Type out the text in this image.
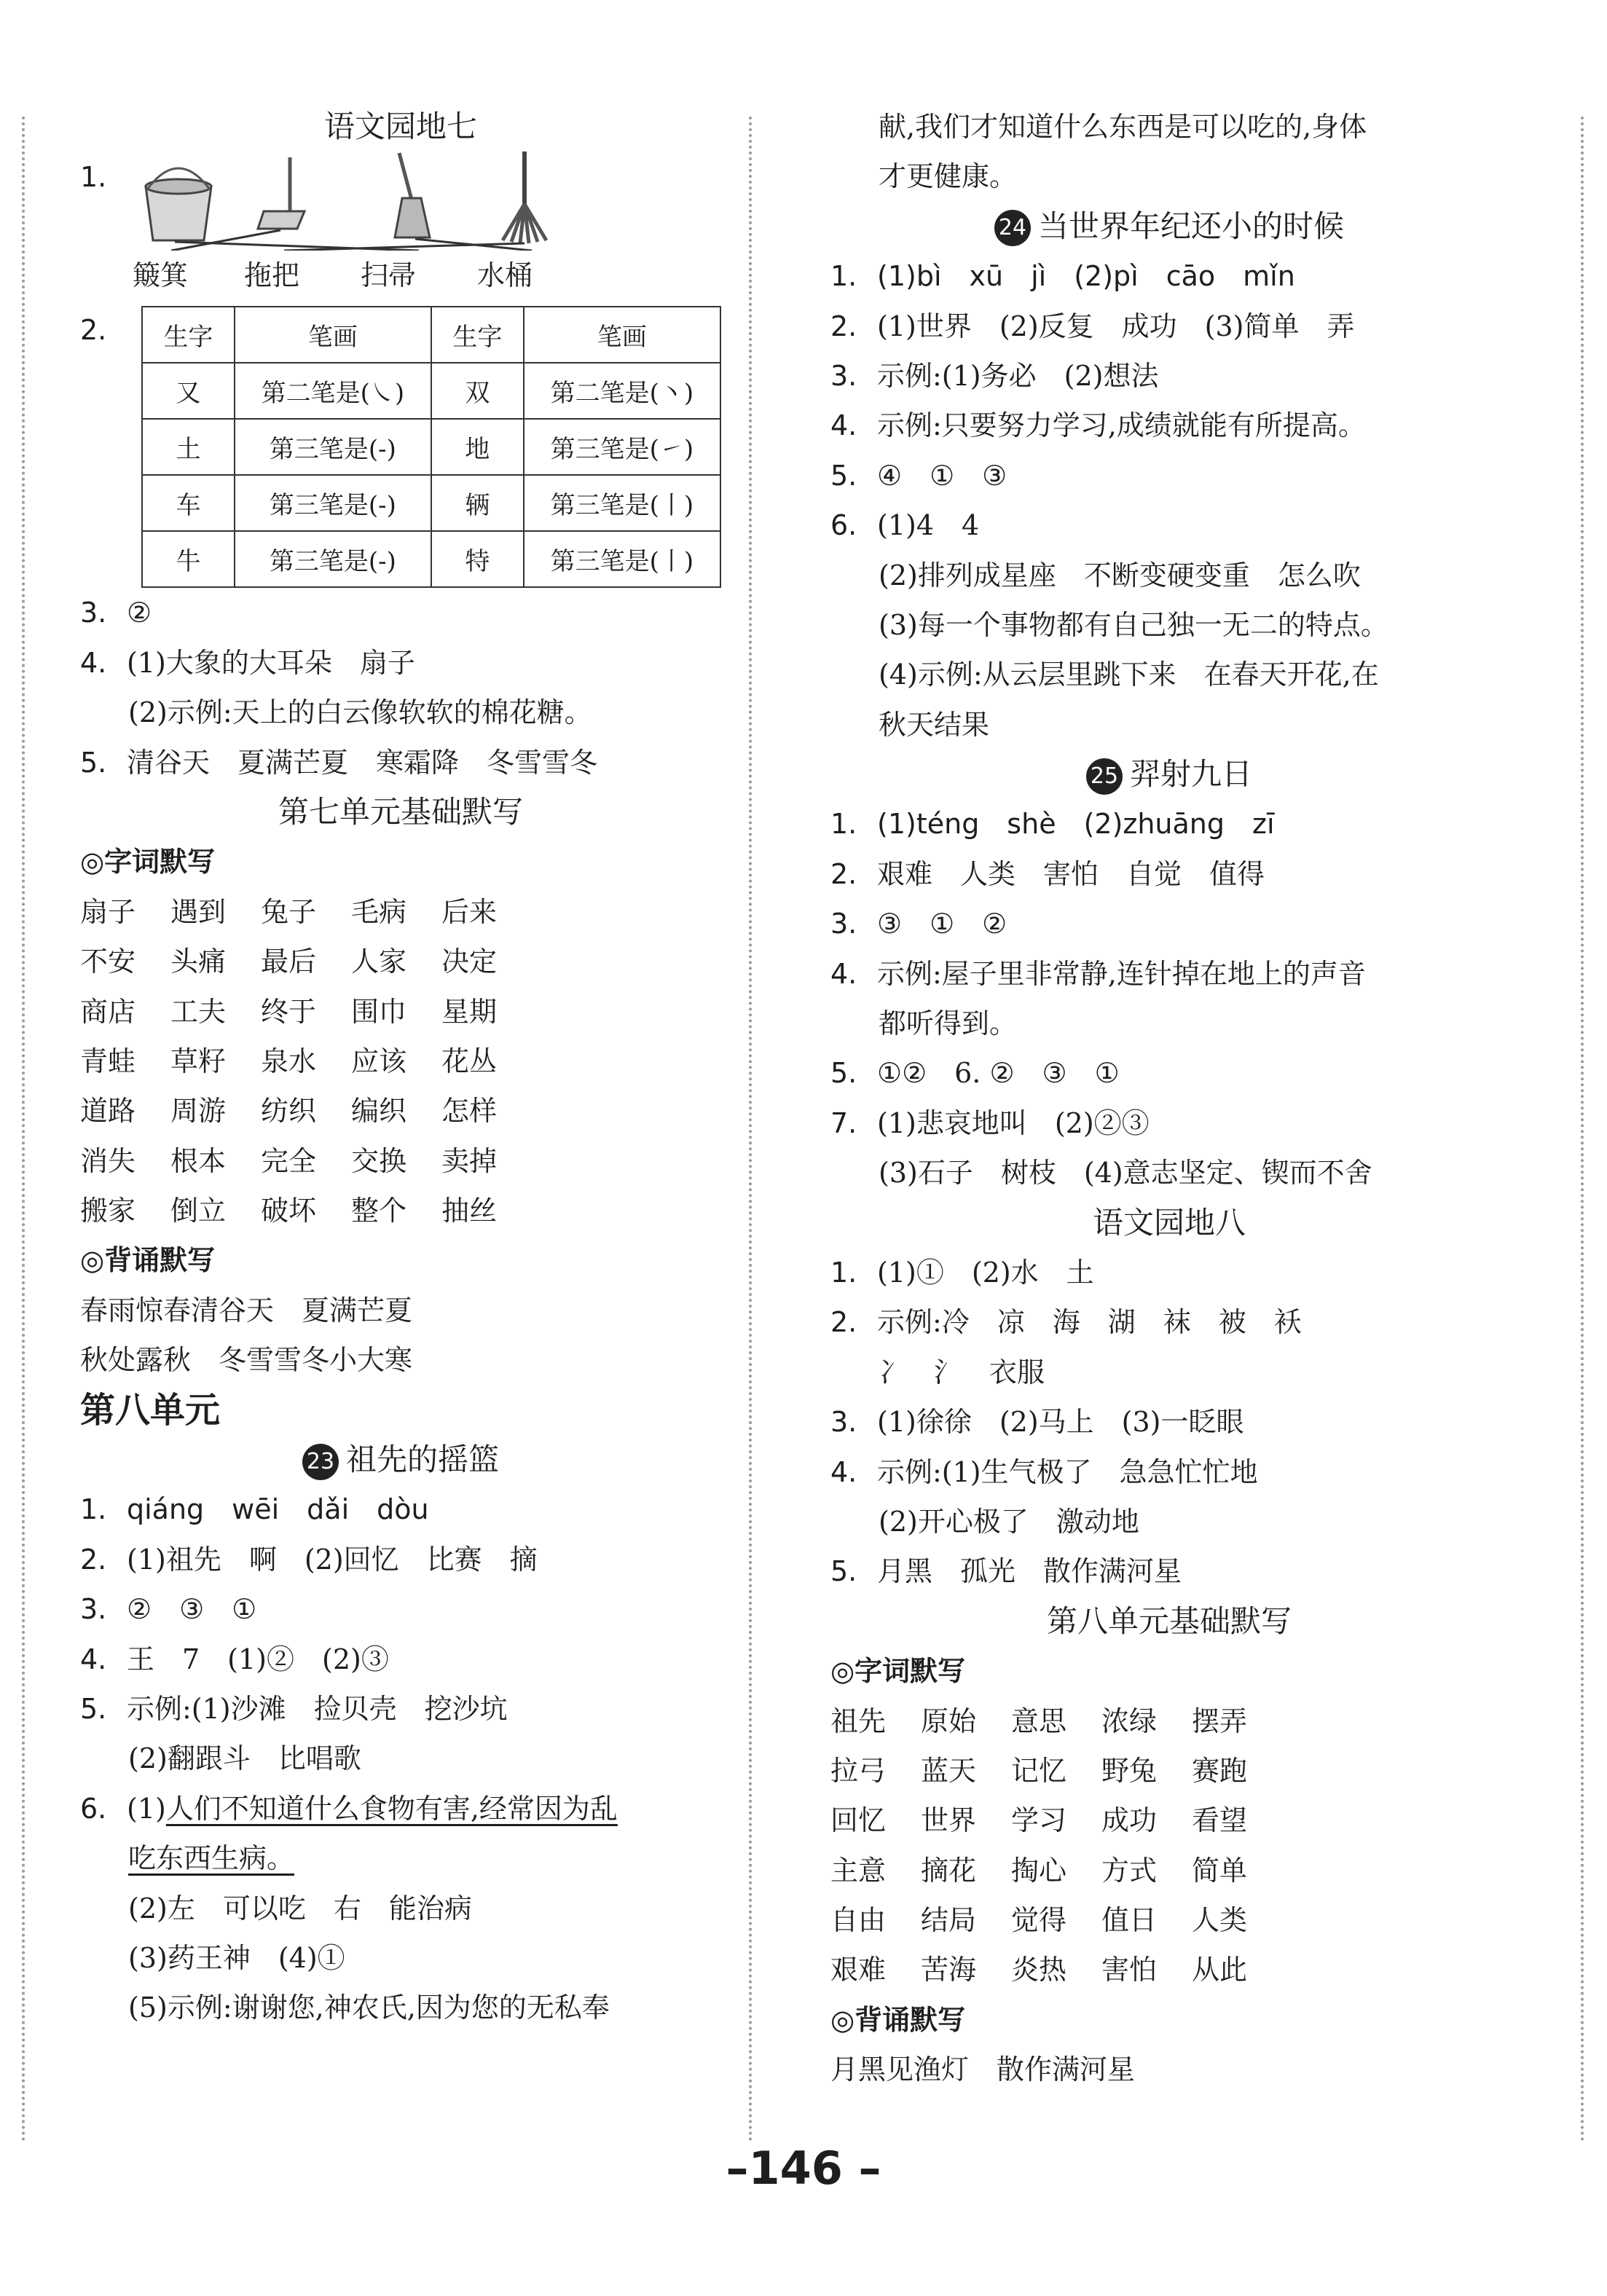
语文园地七
1.
簸箕 拖把 扫帚 水桶
2.	生字	笔画	生字	笔画
又	第二笔是(㇏)	双	第二笔是(丶)
土	第三笔是(-)	地	第三笔是(㇀)
车	第三笔是(-)	辆	第三笔是(丨)
牛	第三笔是(-)	特	第三笔是(丨)
3. ②
4. (1)大象的大耳朵　扇子
(2)示例:天上的白云像软软的棉花糖。
5. 清谷天　夏满芒夏　寒霜降　冬雪雪冬
第七单元基础默写
◎字词默写
扇子 遇到 兔子 毛病 后来
不安 头痛 最后 人家 决定
商店 工夫 终于 围巾 星期
青蛙 草籽 泉水 应该 花丛
道路 周游 纺织 编织 怎样
消失 根本 完全 交换 卖掉
搬家 倒立 破坏 整个 抽丝
◎背诵默写
春雨惊春清谷天　夏满芒夏
秋处露秋　冬雪雪冬小大寒
第八单元
23 祖先的摇篮
1. qiáng　wēi　dǎi　dòu
2. (1)祖先　啊　(2)回忆　比赛　摘
3. ②　③　①
4. 王　7　(1)②　(2)③
5. 示例:(1)沙滩　捡贝壳　挖沙坑
(2)翻跟斗　比唱歌
6. (1)人们不知道什么食物有害,经常因为乱
吃东西生病。
(2)左　可以吃　右　能治病
(3)药王神　(4)①
(5)示例:谢谢您,神农氏,因为您的无私奉
献,我们才知道什么东西是可以吃的,身体
才更健康。
24 当世界年纪还小的时候
1. (1)bì　xū　jì　(2)pì　cāo　mǐn
2. (1)世界　(2)反复　成功　(3)简单　弄
3. 示例:(1)务必　(2)想法
4. 示例:只要努力学习,成绩就能有所提高。
5. ④　①　③
6. (1)4　4
(2)排列成星座　不断变硬变重　怎么吹
(3)每一个事物都有自己独一无二的特点。
(4)示例:从云层里跳下来　在春天开花,在
秋天结果
25 羿射九日
1. (1)téng　shè　(2)zhuāng　zī
2. 艰难　人类　害怕　自觉　值得
3. ③　①　②
4. 示例:屋子里非常静,连针掉在地上的声音
都听得到。
5. ①②　6. ②　③　①
7. (1)悲哀地叫　(2)②③
(3)石子　树枝　(4)意志坚定、锲而不舍
语文园地八
1. (1)①　(2)水　土
2. 示例:冷　凉　海　湖　袜　被　袄
冫　氵　衣服
3. (1)徐徐　(2)马上　(3)一眨眼
4. 示例:(1)生气极了　急急忙忙地
(2)开心极了　激动地
5. 月黑　孤光　散作满河星
第八单元基础默写
◎字词默写
祖先 原始 意思 浓绿 摆弄
拉弓 蓝天 记忆 野兔 赛跑
回忆 世界 学习 成功 看望
主意 摘花 掏心 方式 简单
自由 结局 觉得 值日 人类
艰难 苦海 炎热 害怕 从此
◎背诵默写
月黑见渔灯　散作满河星
–146 –
